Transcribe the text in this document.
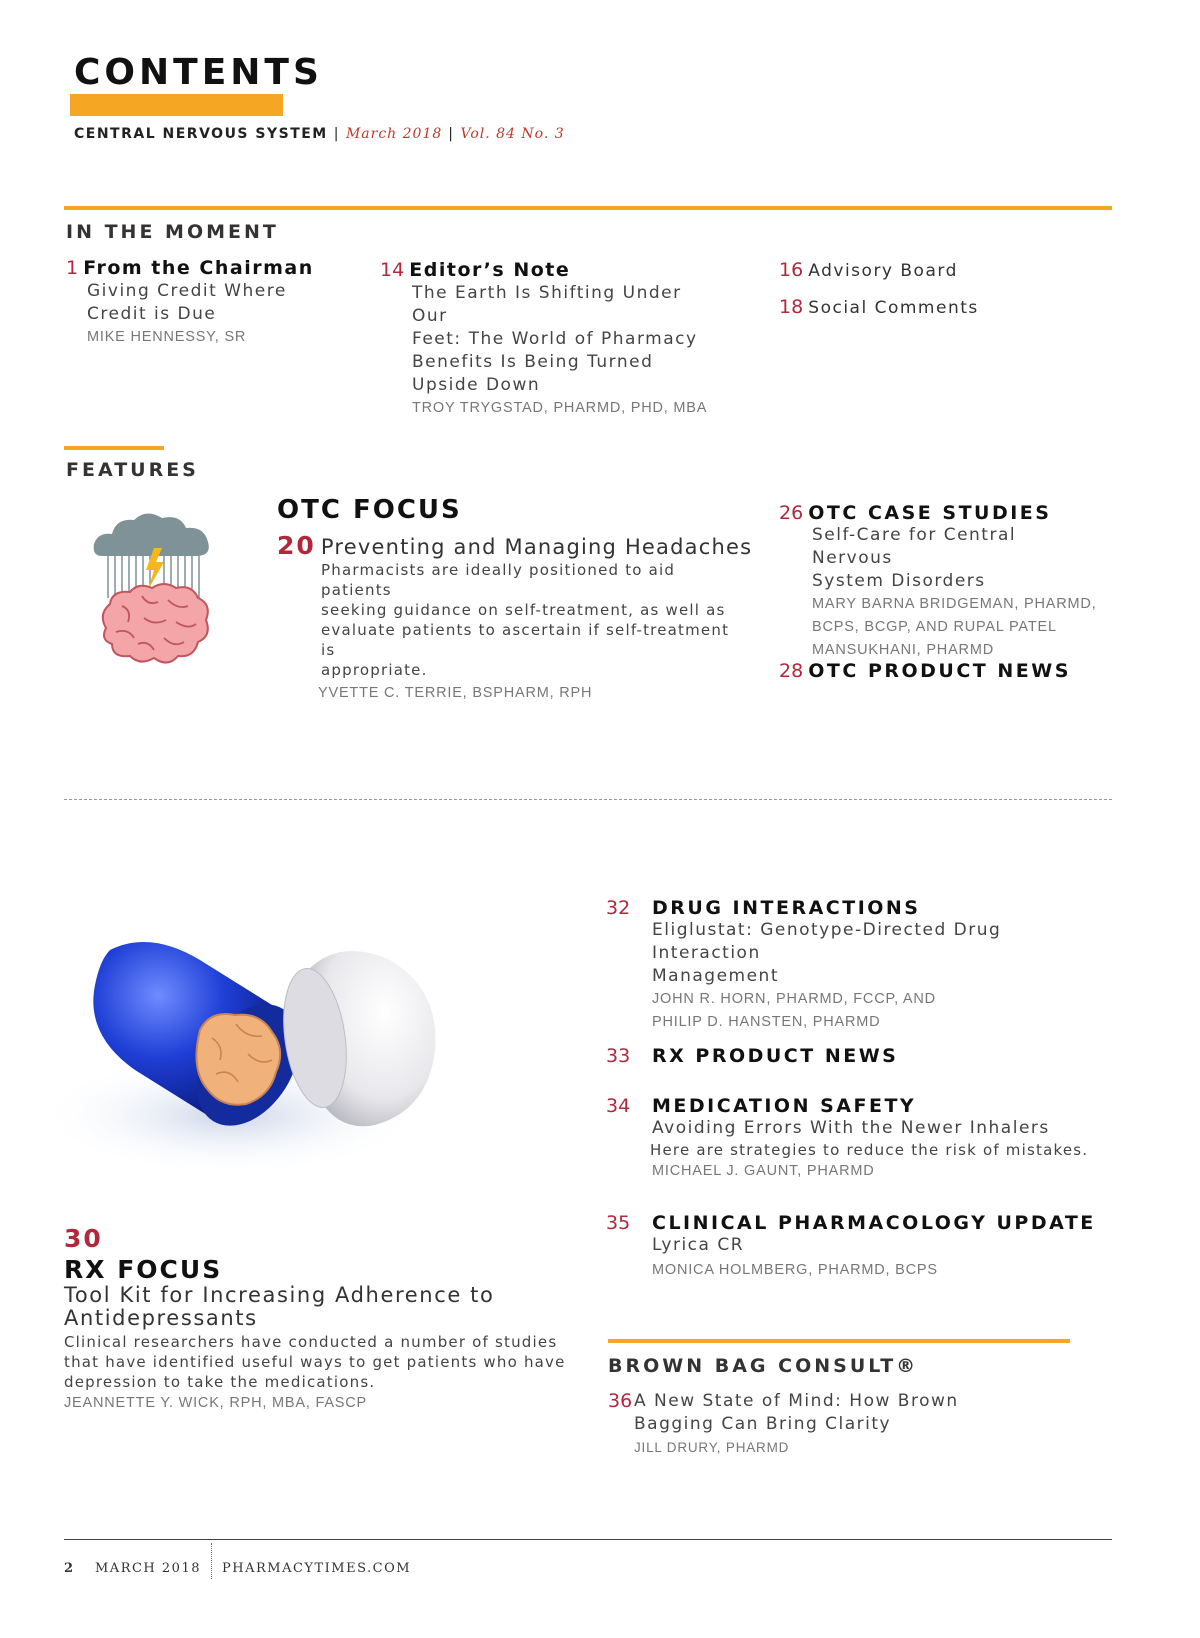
CONTENTS
CENTRAL NERVOUS SYSTEM | March 2018 | Vol. 84 No. 3
IN THE MOMENT
1 From the Chairman
Giving Credit Where
Credit is Due
MIKE HENNESSY, SR
14 Editor’s Note
The Earth Is Shifting Under Our
Feet: The World of Pharmacy
Benefits Is Being Turned
Upside Down
TROY TRYGSTAD, PHARMD, PHD, MBA
16 Advisory Board
18 Social Comments
FEATURES
OTC FOCUS
20 Preventing and Managing Headaches
Pharmacists are ideally positioned to aid patients
seeking guidance on self-treatment, as well as
evaluate patients to ascertain if self-treatment is
appropriate.
YVETTE C. TERRIE, BSPHARM, RPH
26 OTC CASE STUDIES
Self-Care for Central Nervous
System Disorders
MARY BARNA BRIDGEMAN, PHARMD,
BCPS, BCGP, AND RUPAL PATEL
MANSUKHANI, PHARMD
28 OTC PRODUCT NEWS
30
RX FOCUS
Tool Kit for Increasing Adherence to
Antidepressants
Clinical researchers have conducted a number of studies
that have identified useful ways to get patients who have
depression to take the medications.
JEANNETTE Y. WICK, RPH, MBA, FASCP
32 DRUG INTERACTIONS
Eliglustat: Genotype-Directed Drug Interaction
Management
JOHN R. HORN, PHARMD, FCCP, AND
PHILIP D. HANSTEN, PHARMD
33 RX PRODUCT NEWS
34 MEDICATION SAFETY
Avoiding Errors With the Newer Inhalers
Here are strategies to reduce the risk of mistakes.
MICHAEL J. GAUNT, PHARMD
35 CLINICAL PHARMACOLOGY UPDATE
Lyrica CR
MONICA HOLMBERG, PHARMD, BCPS
BROWN BAG CONSULT®
36 A New State of Mind: How Brown
Bagging Can Bring Clarity
JILL DRURY, PHARMD
2 MARCH 2018 PHARMACYTIMES.COM
